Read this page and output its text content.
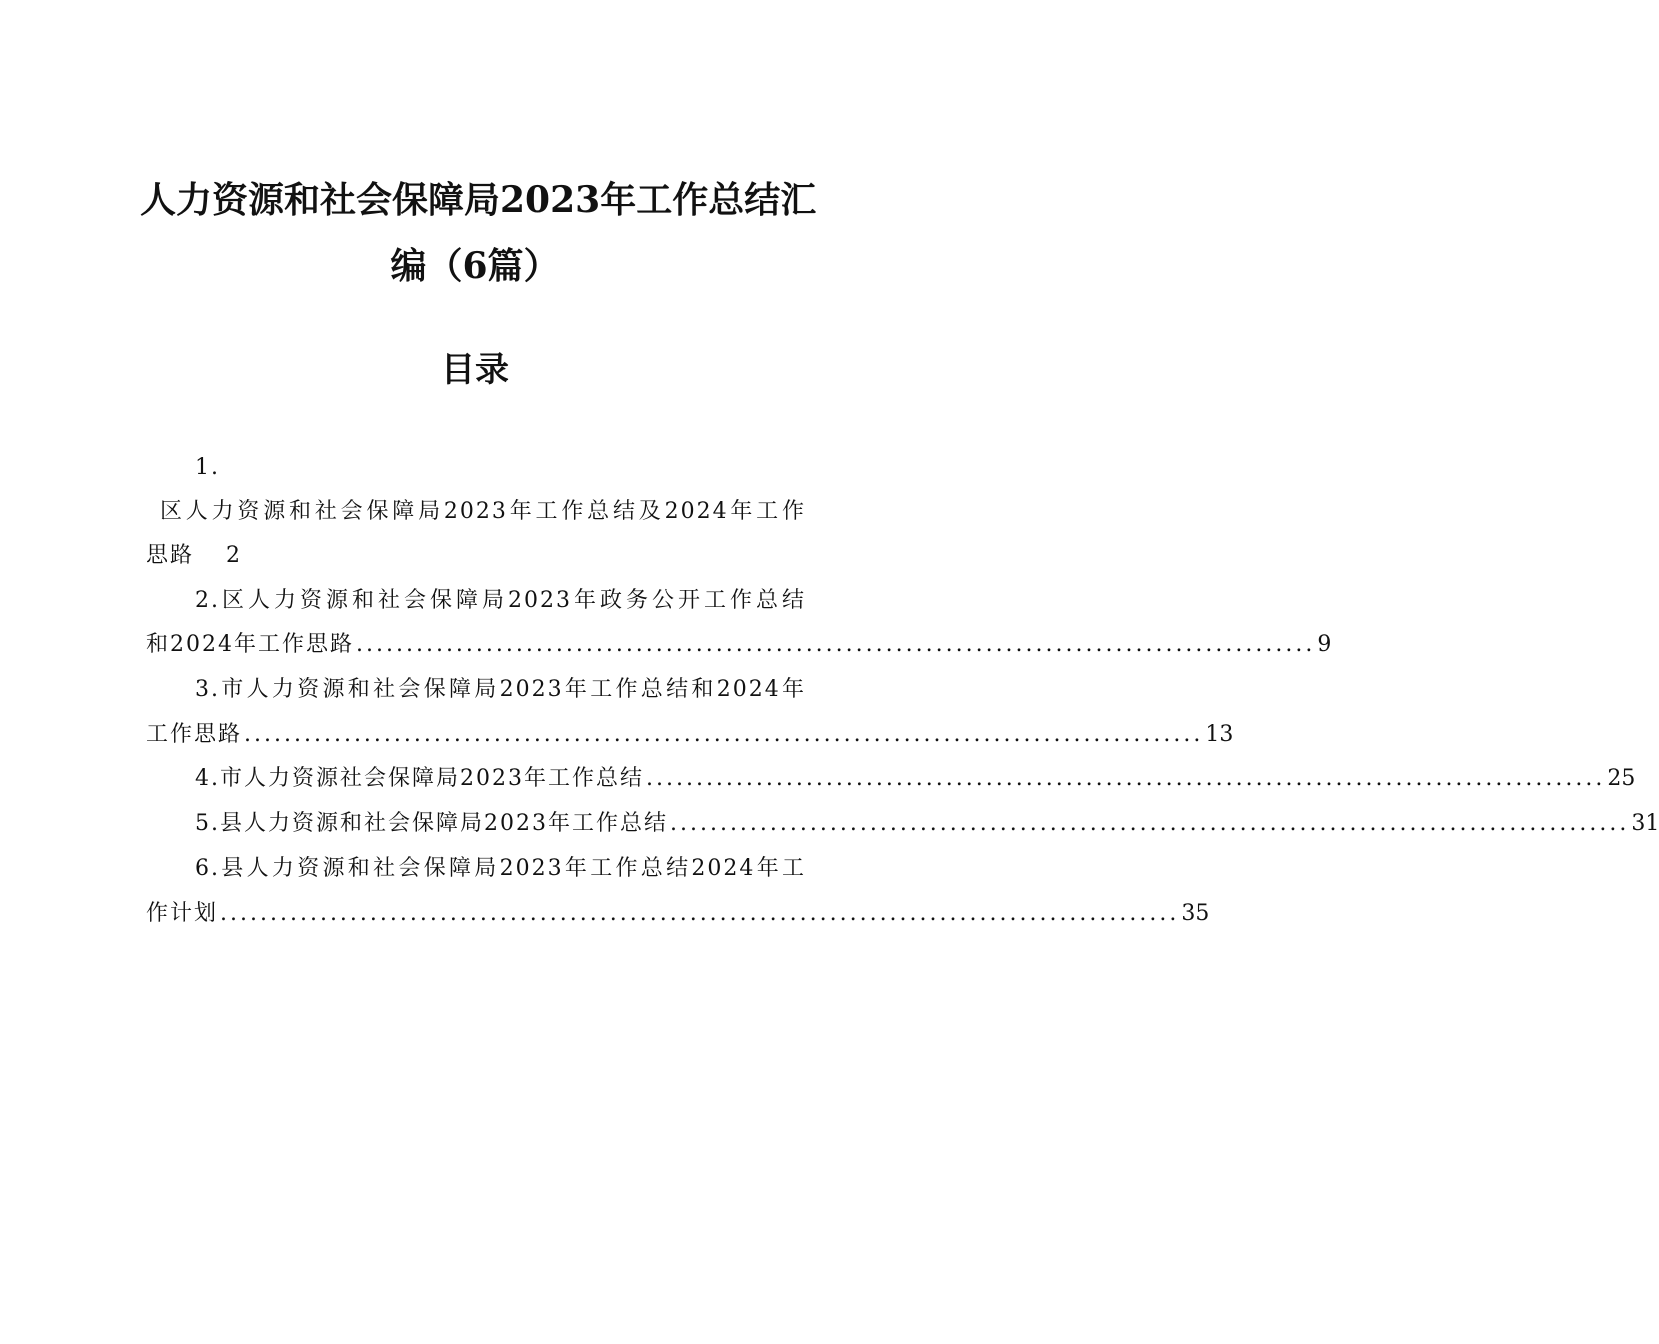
人力资源和社会保障局2023年工作总结汇
编（6篇）
目录
1.
区人力资源和社会保障局2023年工作总结及2024年工作
思路 2
2.区人力资源和社会保障局2023年政务公开工作总结
和2024年工作思路 ................................................................................................ 9
3.市人力资源和社会保障局2023年工作总结和2024年
工作思路 ................................................................................................ 13
4.市人力资源社会保障局2023年工作总结 ................................................................................................ 25
5.县人力资源和社会保障局2023年工作总结 ................................................................................................ 31
6.县人力资源和社会保障局2023年工作总结2024年工
作计划 ................................................................................................ 35
